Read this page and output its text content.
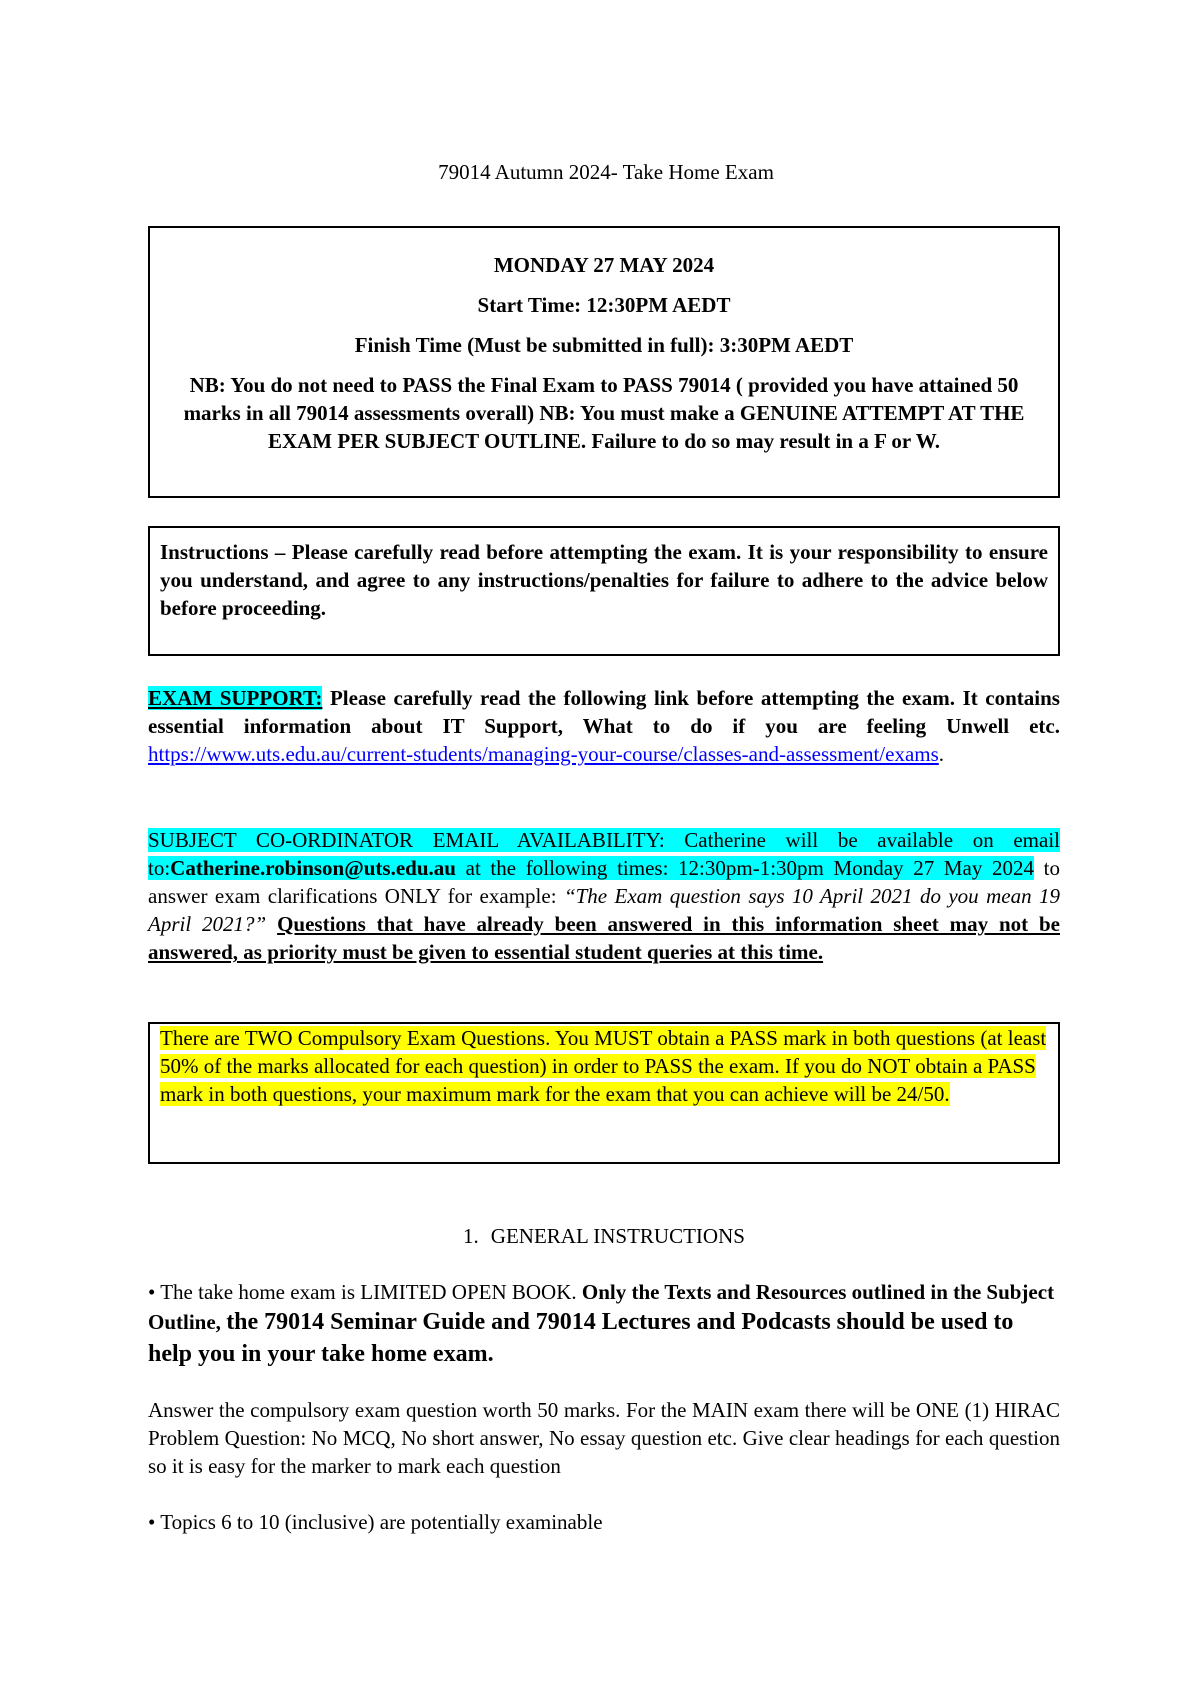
79014 Autumn 2024- Take Home Exam

MONDAY 27 MAY 2024

Start Time: 12:30PM AEDT

Finish Time (Must be submitted in full): 3:30PM AEDT

NB: You do not need to PASS the Final Exam to PASS 79014 ( provided you have attained 50 marks in all 79014 assessments overall) NB: You must make a GENUINE ATTEMPT AT THE EXAM PER SUBJECT OUTLINE. Failure to do so may result in a F or W.

Instructions – Please carefully read before attempting the exam. It is your responsibility to ensure you understand, and agree to any instructions/penalties for failure to adhere to the advice below before proceeding.

EXAM SUPPORT: Please carefully read the following link before attempting the exam. It contains essential information about IT Support, What to do if you are feeling Unwell etc. https://www.uts.edu.au/current-students/managing-your-course/classes-and-assessment/exams.

SUBJECT CO-ORDINATOR EMAIL AVAILABILITY: Catherine will be available on email to:Catherine.robinson@uts.edu.au at the following times: 12:30pm-1:30pm Monday 27 May 2024 to answer exam clarifications ONLY for example: “The Exam question says 10 April 2021 do you mean 19 April 2021?” Questions that have already been answered in this information sheet may not be answered, as priority must be given to essential student queries at this time.

There are TWO Compulsory Exam Questions. You MUST obtain a PASS mark in both questions (at least 50% of the marks allocated for each question) in order to PASS the exam. If you do NOT obtain a PASS mark in both questions, your maximum mark for the exam that you can achieve will be 24/50.

1. GENERAL INSTRUCTIONS

• The take home exam is LIMITED OPEN BOOK. Only the Texts and Resources outlined in the Subject Outline, the 79014 Seminar Guide and 79014 Lectures and Podcasts should be used to help you in your take home exam.

Answer the compulsory exam question worth 50 marks. For the MAIN exam there will be ONE (1) HIRAC Problem Question: No MCQ, No short answer, No essay question etc. Give clear headings for each question so it is easy for the marker to mark each question

• Topics 6 to 10 (inclusive) are potentially examinable
